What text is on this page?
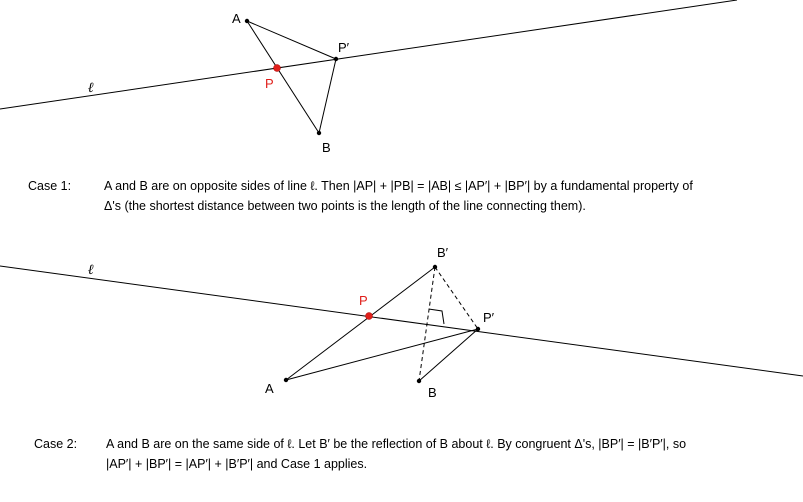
A
B
P′
P
ℓ
A	B
B′
P′
P
ℓ
Case 1:	A and B are on opposite sides of line ℓ. Then |AP| + |PB| = |AB| ≤ |AP′| + |BP′| by a fundamental property of
Δ's (the shortest distance between two points is the length of the line connecting them).
Case 2: A and B are on the same side of ℓ. Let B′ be the reflection of B about ℓ. By congruent Δ's, |BP′| = |B′P′|, so
|AP′| + |BP′| = |AP′| + |B′P′| and Case 1 applies.
